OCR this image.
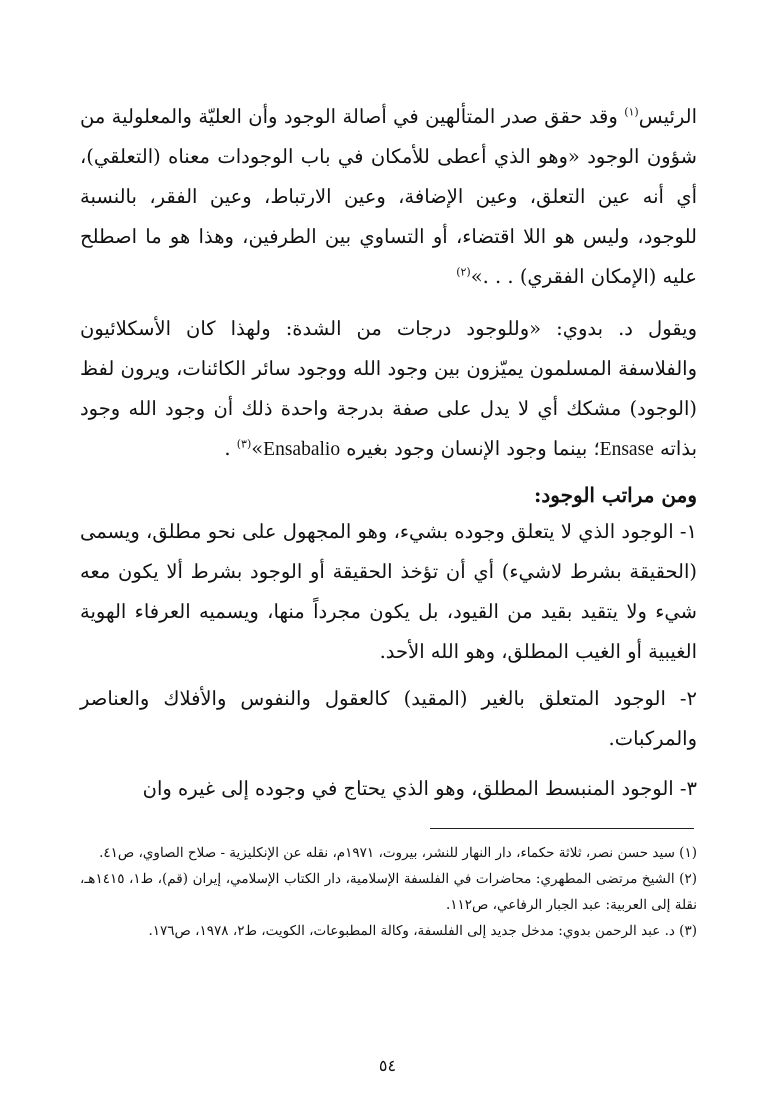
الرئيس$^{(١)}$ وقد حقق صدر المتألهين في أصالة الوجود وأن العليّة والمعلولية من شؤون الوجود «وهو الذي أعطى للأمكان في باب الوجودات معناه (التعلقي)، أي أنه عين التعلق، وعين الإضافة، وعين الارتباط، وعين الفقر، بالنسبة للوجود، وليس هو اللا اقتضاء، أو التساوي بين الطرفين، وهذا هو ما اصطلح عليه (الإمكان الفقري) . . .»$^{(٢)}$

ويقول د. بدوي: «وللوجود درجات من الشدة: ولهذا كان الأسكلائيون والفلاسفة المسلمون يميّزون بين وجود الله ووجود سائر الكائنات، ويرون لفظ (الوجود) مشكك أي لا يدل على صفة بدرجة واحدة ذلك أن وجود الله وجود بذاته Ensase؛ بينما وجود الإنسان وجود بغيره Ensabalio»$^{(٣)}$ .

ومن مراتب الوجود:

١- الوجود الذي لا يتعلق وجوده بشيء، وهو المجهول على نحو مطلق، ويسمى (الحقيقة بشرط لاشيء) أي أن تؤخذ الحقيقة أو الوجود بشرط ألا يكون معه شيء ولا يتقيد بقيد من القيود، بل يكون مجرداً منها، ويسميه العرفاء الهوية الغيبية أو الغيب المطلق، وهو الله الأحد.

٢- الوجود المتعلق بالغير (المقيد) كالعقول والنفوس والأفلاك والعناصر والمركبات.

٣- الوجود المنبسط المطلق، وهو الذي يحتاج في وجوده إلى غيره وان

(١) سيد حسن نصر، ثلاثة حكماء، دار النهار للنشر، بيروت، ١٩٧١م، نقله عن الإنكليزية - صلاح الصاوي، ص٤١.

(٢) الشيخ مرتضى المطهري: محاضرات في الفلسفة الإسلامية، دار الكتاب الإسلامي، إيران (قم)، ط١، ١٤١٥هـ، نقلة إلى العربية: عبد الجبار الرفاعي، ص١١٢.

(٣) د. عبد الرحمن بدوي: مدخل جديد إلى الفلسفة، وكالة المطبوعات، الكويت، ط٢، ١٩٧٨، ص١٧٦.

٥٤
